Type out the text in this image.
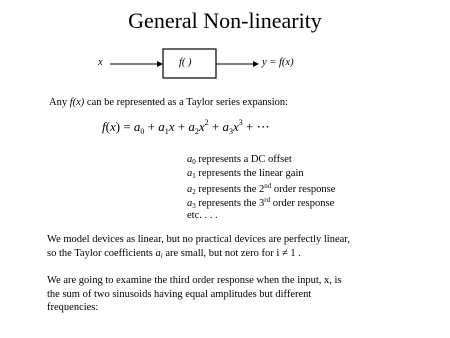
General Non-linearity
x	f( )	y = f(x)
Any f(x) can be represented as a Taylor series expansion:
$f(x) = a_0 + a_1x + a_2x^2 + a_3x^3$ + ⋯
$a_0$ represents a DC offset
$a_1$ represents the linear gain
$a_2$ represents the 2nd order response
$a_3$ represents the 3rd order response
etc. . . .
We model devices as linear, but no practical devices are perfectly linear,
so the Taylor coefficients $a_i$ are small, but not zero for i ≠ 1 .
We are going to examine the third order response when the input, x, is
the sum of two sinusoids having equal amplitudes but different
frequencies:
